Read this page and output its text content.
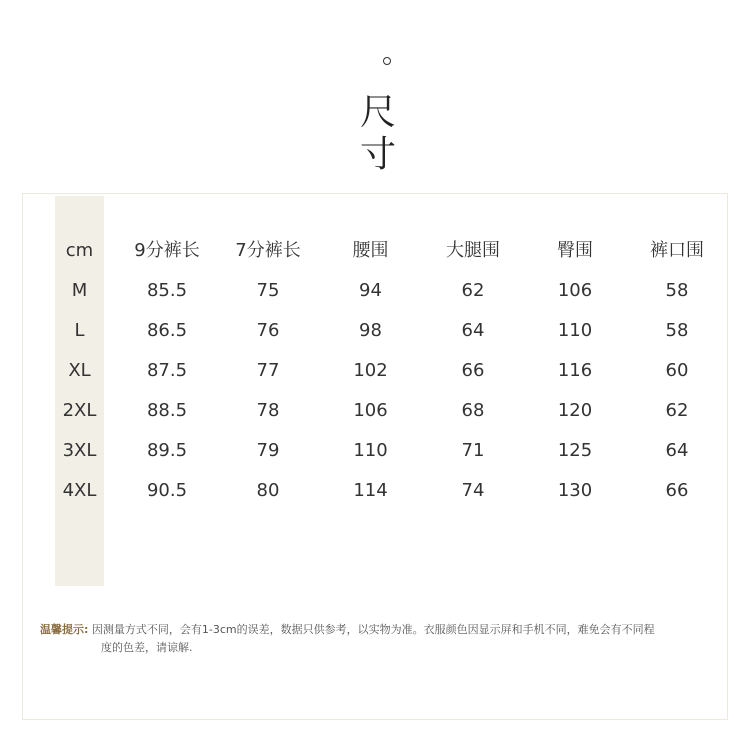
尺
寸
cm	9分裤长	7分裤长	腰围	大腿围	臀围	裤口围
M	85.5	75	94	62	106	58
L	86.5	76	98	64	110	58
XL	87.5	77	102	66	116	60
2XL	88.5	78	106	68	120	62
3XL	89.5	79	110	71	125	64
4XL	90.5	80	114	74	130	66
温馨提示: 因测量方式不同，会有1-3cm的误差，数据只供参考，以实物为准。衣服颜色因显示屏和手机不同，难免会有不同程
度的色差，请谅解.
